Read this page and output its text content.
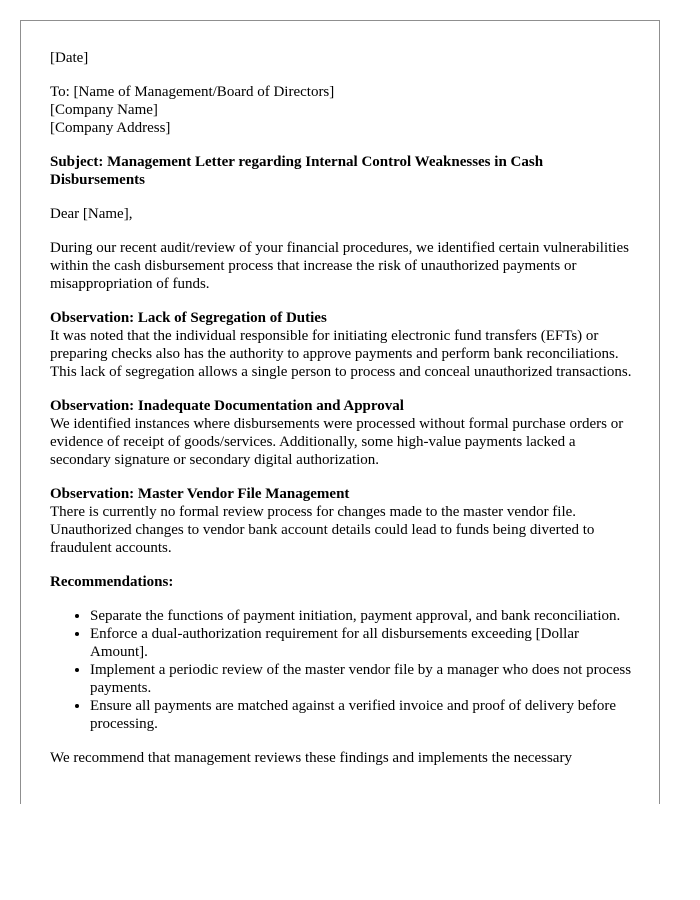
[Date]

To: [Name of Management/Board of Directors]
[Company Name]
[Company Address]

Subject: Management Letter regarding Internal Control Weaknesses in Cash Disbursements

Dear [Name],

During our recent audit/review of your financial procedures, we identified certain vulnerabilities within the cash disbursement process that increase the risk of unauthorized payments or misappropriation of funds.

Observation: Lack of Segregation of Duties
It was noted that the individual responsible for initiating electronic fund transfers (EFTs) or preparing checks also has the authority to approve payments and perform bank reconciliations. This lack of segregation allows a single person to process and conceal unauthorized transactions.

Observation: Inadequate Documentation and Approval
We identified instances where disbursements were processed without formal purchase orders or evidence of receipt of goods/services. Additionally, some high-value payments lacked a secondary signature or secondary digital authorization.

Observation: Master Vendor File Management
There is currently no formal review process for changes made to the master vendor file. Unauthorized changes to vendor bank account details could lead to funds being diverted to fraudulent accounts.

Recommendations:

• Separate the functions of payment initiation, payment approval, and bank reconciliation.
• Enforce a dual-authorization requirement for all disbursements exceeding [Dollar Amount].
• Implement a periodic review of the master vendor file by a manager who does not process payments.
• Ensure all payments are matched against a verified invoice and proof of delivery before processing.

We recommend that management reviews these findings and implements the necessary
